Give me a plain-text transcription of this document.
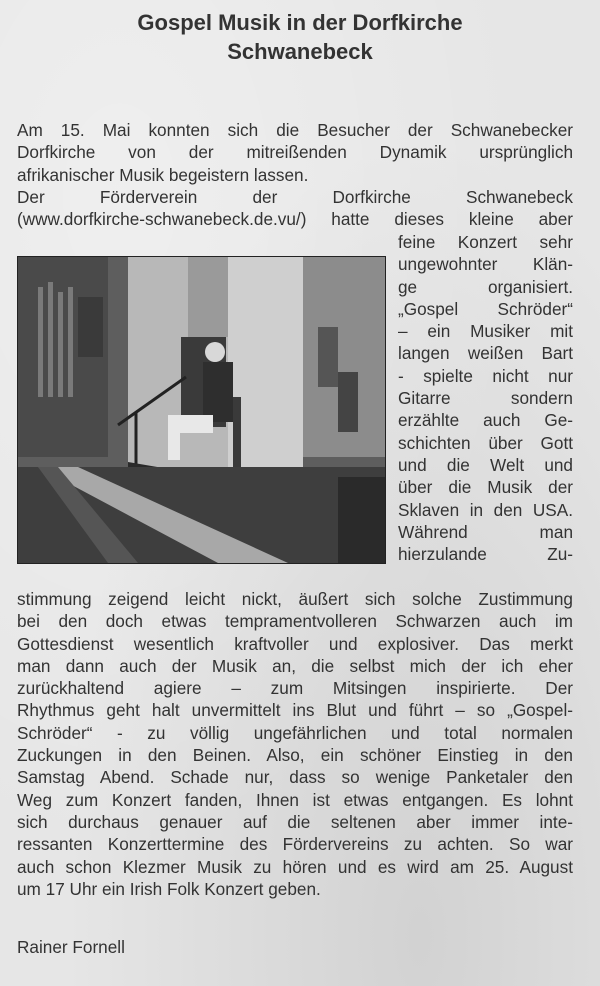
Gospel Musik in der Dorfkirche
Schwanebeck
Am 15. Mai konnten sich die Besucher der Schwanebecker
Dorfkirche von der mitreißenden Dynamik ursprünglich
afrikanischer Musik begeistern lassen.
Der Förderverein der Dorfkirche Schwanebeck
(www.dorfkirche-schwanebeck.de.vu/) hatte dieses kleine aber
feine Konzert sehr
ungewohnter Klän-
ge organisiert.
„Gospel Schröder“
– ein Musiker mit
langen weißen Bart
- spielte nicht nur
Gitarre sondern
erzählte auch Ge-
schichten über Gott
und die Welt und
über die Musik der
Sklaven in den USA.
Während man
hierzulande Zu-
stimmung zeigend leicht nickt, äußert sich solche Zustimmung
bei den doch etwas tempramentvolleren Schwarzen auch im
Gottesdienst wesentlich kraftvoller und explosiver. Das merkt
man dann auch der Musik an, die selbst mich der ich eher
zurückhaltend agiere – zum Mitsingen inspirierte. Der
Rhythmus geht halt unvermittelt ins Blut und führt – so „Gospel-
Schröder“ - zu völlig ungefährlichen und total normalen
Zuckungen in den Beinen. Also, ein schöner Einstieg in den
Samstag Abend. Schade nur, dass so wenige Panketaler den
Weg zum Konzert fanden, Ihnen ist etwas entgangen. Es lohnt
sich durchaus genauer auf die seltenen aber immer inte-
ressanten Konzerttermine des Fördervereins zu achten. So war
auch schon Klezmer Musik zu hören und es wird am 25. August
um 17 Uhr ein Irish Folk Konzert geben.
Rainer Fornell
